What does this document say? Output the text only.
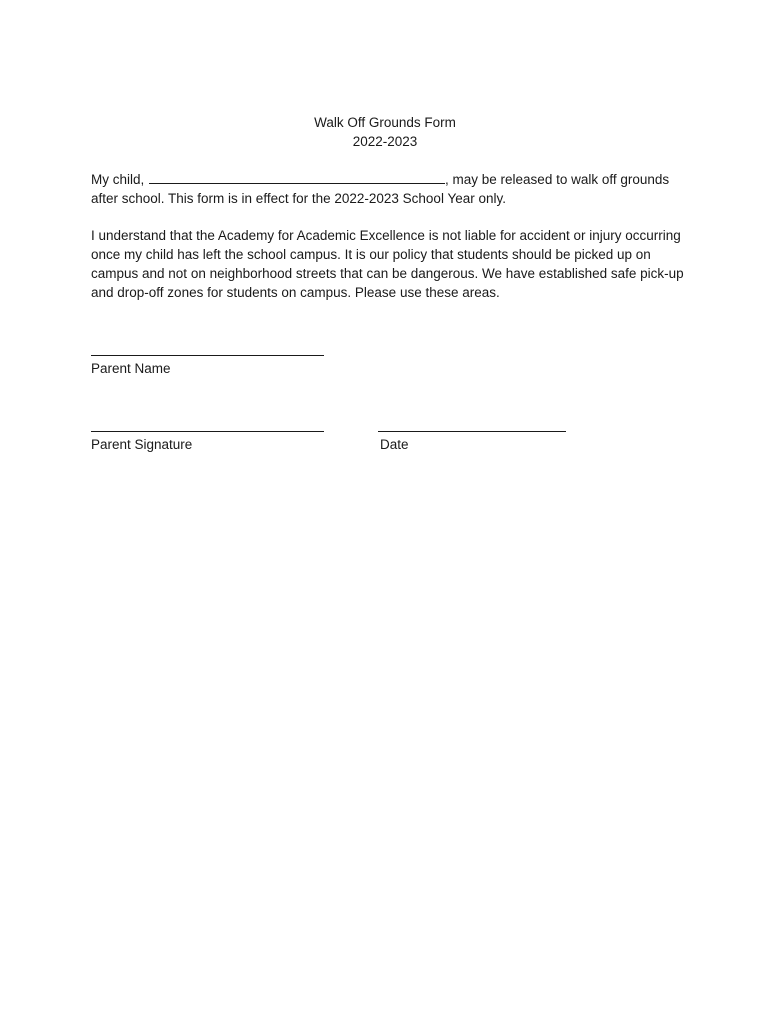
Walk Off Grounds Form
2022-2023
My child,	, may be released to walk off grounds after school. This form is in effect for the 2022-2023 School Year only.
I understand that the Academy for Academic Excellence is not liable for accident or injury occurring once my child has left the school campus. It is our policy that students should be picked up on campus and not on neighborhood streets that can be dangerous. We have established safe pick-up and drop-off zones for students on campus. Please use these areas.
Parent Name
Parent Signature	Date
